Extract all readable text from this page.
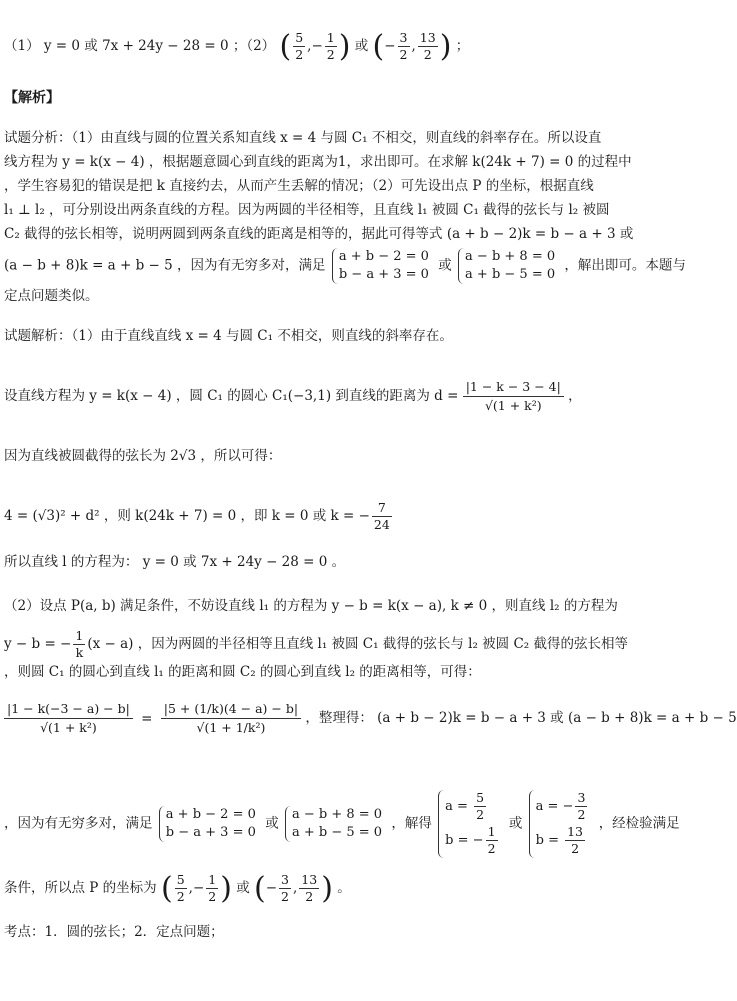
（1） y = 0 或 7x + 24y − 28 = 0 ；（2） ( $\frac{5}{2}$ ,− $\frac{1}{2}$ ) 或 (− $\frac{3}{2}$ , $\frac{13}{2}$ ) ；
【解析】
试题分析：（1）由直线与圆的位置关系知直线 x = 4 与圆 C₁ 不相交，则直线的斜率存在。所以设直
线方程为 y = k(x − 4) ，根据题意圆心到直线的距离为1，求出即可。在求解 k(24k + 7) = 0 的过程中
，学生容易犯的错误是把 k 直接约去，从而产生丢解的情况；（2）可先设出点 P 的坐标，根据直线
l₁ ⊥ l₂ ，可分别设出两条直线的方程。因为两圆的半径相等，且直线 l₁ 被圆 C₁ 截得的弦长与 l₂ 被圆
C₂ 截得的弦长相等，说明两圆到两条直线的距离是相等的，据此可得等式 (a + b − 2)k = b − a + 3 或
(a − b + 8)k = a + b − 5 ，因为有无穷多对，满足
a + b − 2 = 0
b − a + 3 = 0
或
a − b + 8 = 0
a + b − 5 = 0
，解出即可。本题与
定点问题类似。
试题解析：（1）由于直线直线 x = 4 与圆 C₁ 不相交，则直线的斜率存在。
设直线方程为 y = k(x − 4) ，圆 C₁ 的圆心 C₁(−3,1) 到直线的距离为 $d = \frac{|1 - k - 3 - 4|}{\text{√(1 + k²)}}$ ，
因为直线被圆截得的弦长为 2√3 ，所以可得：
4 = (√3)² + d² ，则 k(24k + 7) = 0 ，即 k = 0 或 k = − $\frac{7}{24}$
所以直线 l 的方程为： y = 0 或 7x + 24y − 28 = 0 。
（2）设点 P(a, b) 满足条件，不妨设直线 l₁ 的方程为 y − b = k(x − a), k ≠ 0 ，则直线 l₂ 的方程为
y − b = − $\frac{1}{k} (x - a)$ ，因为两圆的半径相等且直线 l₁ 被圆 C₁ 截得的弦长与 l₂ 被圆 C₂ 截得的弦长相等
，则圆 C₁ 的圆心到直线 l₁ 的距离和圆 C₂ 的圆心到直线 l₂ 的距离相等，可得：
$\frac{|1 - k(-3 - a) - b|}{\text{√(1 + k²)}} = \frac{|5 + (1/k)(4 - a) - b|}{\text{√(1 + 1/k²)}}$ ，整理得： (a + b − 2)k = b − a + 3 或 (a − b + 8)k = a + b − 5
，因为有无穷多对，满足
a + b − 2 = 0
b − a + 3 = 0
或
a − b + 8 = 0
a + b − 5 = 0
，解得
$a = \frac{5}{2}$
b = − $\frac{1}{2}$
或
a = − $\frac{3}{2}$
$b = \frac{13}{2}$
，经检验满足
条件，所以点 P 的坐标为 ( $\frac{5}{2}$ ,− $\frac{1}{2}$ ) 或 (− $\frac{3}{2}$ , $\frac{13}{2}$ ) 。
考点：1．圆的弦长；2．定点问题；
